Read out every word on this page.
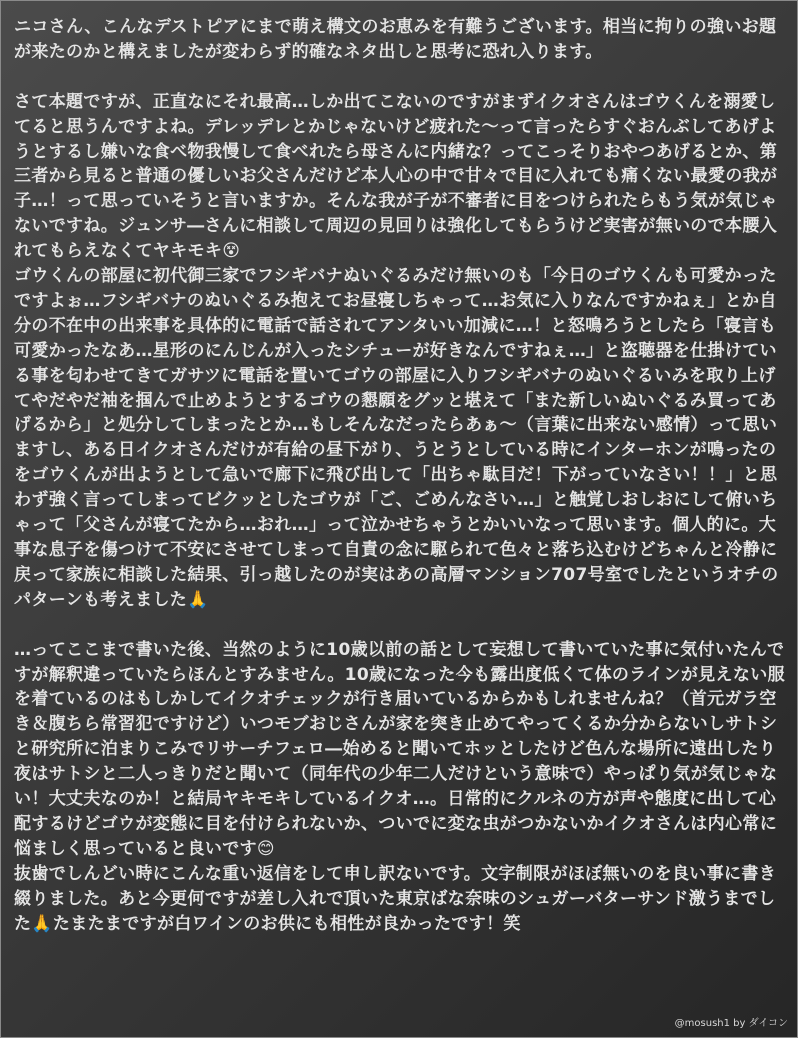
ニコさん、こんなデストピアにまで萌え構文のお恵みを有難うございます。相当に拘りの強いお題が来たのかと構えましたが変わらず的確なネタ出しと思考に恐れ入ります。

さて本題ですが、正直なにそれ最高…しか出てこないのですがまずイクオさんはゴウくんを溺愛してると思うんですよね。デレッデレとかじゃないけど疲れた〜って言ったらすぐおんぶしてあげようとするし嫌いな食べ物我慢して食べれたら母さんに内緒な？ってこっそりおやつあげるとか、第三者から見ると普通の優しいお父さんだけど本人心の中で甘々で目に入れても痛くない最愛の我が子…！って思っていそうと言いますか。そんな我が子が不審者に目をつけられたらもう気が気じゃないですね。ジュンサ―さんに相談して周辺の見回りは強化してもらうけど実害が無いので本腰入れてもらえなくてヤキモキ😵

ゴウくんの部屋に初代御三家でフシギバナぬいぐるみだけ無いのも「今日のゴウくんも可愛かったですよぉ…フシギバナのぬいぐるみ抱えてお昼寝しちゃって…お気に入りなんですかねぇ」とか自分の不在中の出来事を具体的に電話で話されてアンタいい加減に…！と怒鳴ろうとしたら「寝言も可愛かったなあ…星形のにんじんが入ったシチューが好きなんですねぇ…」と盗聴器を仕掛けている事を匂わせてきてガサツに電話を置いてゴウの部屋に入りフシギバナのぬいぐるいみを取り上げてやだやだ袖を掴んで止めようとするゴウの懇願をグッと堪えて「また新しいぬいぐるみ買ってあげるから」と処分してしまったとか…もしそんなだったらあぁ〜（言葉に出来ない感情）って思いますし、ある日イクオさんだけが有給の昼下がり、うとうとしている時にインターホンが鳴ったのをゴウくんが出ようとして急いで廊下に飛び出して「出ちゃ駄目だ！下がっていなさい！！」と思わず強く言ってしまってビクッとしたゴウが「ご、ごめんなさい…」と触覚しおしおにして俯いちゃって「父さんが寝てたから…おれ…」って泣かせちゃうとかいいなって思います。個人的に。大事な息子を傷つけて不安にさせてしまって自責の念に駆られて色々と落ち込むけどちゃんと冷静に戻って家族に相談した結果、引っ越したのが実はあの高層マンション707号室でしたというオチのパターンも考えました🙏

…ってここまで書いた後、当然のように10歳以前の話として妄想して書いていた事に気付いたんですが解釈違っていたらほんとすみません。10歳になった今も露出度低くて体のラインが見えない服を着ているのはもしかしてイクオチェックが行き届いているからかもしれませんね？（首元ガラ空き＆腹ちら常習犯ですけど）いつモブおじさんが家を突き止めてやってくるか分からないしサトシと研究所に泊まりこみでリサーチフェロ―始めると聞いてホッとしたけど色んな場所に遠出したり夜はサトシと二人っきりだと聞いて（同年代の少年二人だけという意味で）やっぱり気が気じゃない！大丈夫なのか！と結局ヤキモキしているイクオ…。日常的にクルネの方が声や態度に出して心配するけどゴウが変態に目を付けられないか、ついでに変な虫がつかないかイクオさんは内心常に悩ましく思っていると良いです😊

抜歯でしんどい時にこんな重い返信をして申し訳ないです。文字制限がほぼ無いのを良い事に書き綴りました。あと今更何ですが差し入れで頂いた東京ばな奈味のシュガーバターサンド激うまでした🙏たまたまですが白ワインのお供にも相性が良かったです！笑

@mosush1 by ダイコン
